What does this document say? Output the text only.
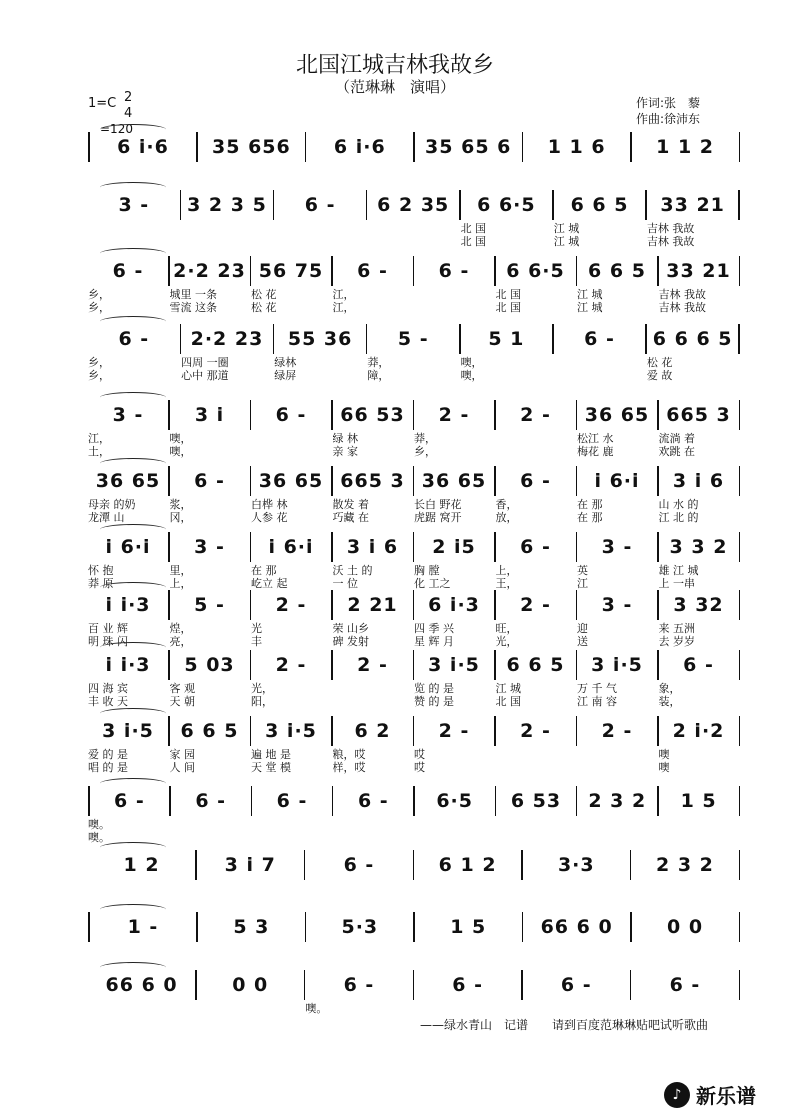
北国江城吉林我故乡
（范琳琳　演唱）
作词:张　藜
作曲:徐沛东
1=C 2
4
=120
6 i·6	35 656	6 i·6	35 65 6	1 1 6	1 1 2
3 -	3 2 3 5	6 -	6 2 35	6 6·5	6 6 5	33 21
北 国	江 城	吉林 我故
北 国	江 城	吉林 我故
6 -	2·2 23 56 75	6 -	6 -	6 6·5	6 6 5	33 21
乡，	城里 一条	松 花	江，	北 国	江 城	吉林 我故
乡，	雪流 这条	松 花	江，	北 国	江 城	吉林 我故
6 -	2·2 23	55 36	5 -	5 1	6 -	6 6 6 5
乡，	四周 一圈	绿林	莽，	噢，	松 花
乡，	心中 那道	绿屏	障，	噢，	爱 故
3 -	3 i	6 -	66 53	2 -	2 -	36 65 665 3
江，	噢，	绿 林	莽，	松江 水	流淌 着
土，	噢，	亲 家	乡，	梅花 鹿	欢跳 在
36 65	6 -	36 65 665 3 36 65	6 -	i 6·i	3 i 6
母亲 的奶	浆，	白桦 林	散发 着	长白 野花	香，	在 那	山 水 的
龙潭 山	冈，	人参 花	巧藏 在	虎踞 窝开	放，	在 那	江 北 的
i 6·i	3 -	i 6·i	3 i 6	2 i5	6 -	3 -	3 3 2
怀 抱	里，	在 那	沃 土 的	胸 膛	上，	英	雄 江 城
莽 原	上，	屹立 起	一 位	化 工之	王，	江	上 一串
i i·3	5 -	2 -	2 21	6 i·3	2 -	3 -	3 32
百 业 辉	煌，	光	荣 山乡	四 季 兴	旺，	迎	来 五洲
明 珠 闪	亮，	丰	碑 发射	星 辉 月	光，	送	去 岁岁
i i·3	5 03	2 -	2 -	3 i·5	6 6 5	3 i·5	6 -
四 海 宾	客 观	光，	览 的 是	江 城	万 千 气	象，
丰 收 天	天 朝	阳，	赞 的 是	北 国	江 南 容	装，
3 i·5	6 6 5	3 i·5	6 2	2 -	2 -	2 -	2 i·2
爱 的 是	家 园	遍 地 是	粮，哎	哎	噢
唱 的 是	人 间	天 堂 模	样，哎	哎	噢
6 -	6 -	6 -	6 -	6·5	6 53	2 3 2	1 5
噢。
噢。
1 2	3 i 7	6 -	6 1 2	3·3	2 3 2
1 -	5 3	5·3	1 5	66 6 0	0 0
66 6 0	0 0	6 -	6 -	6 -	6 -
噢。
——绿水青山　记谱　　请到百度范琳琳贴吧试听歌曲
♪ 新乐谱
